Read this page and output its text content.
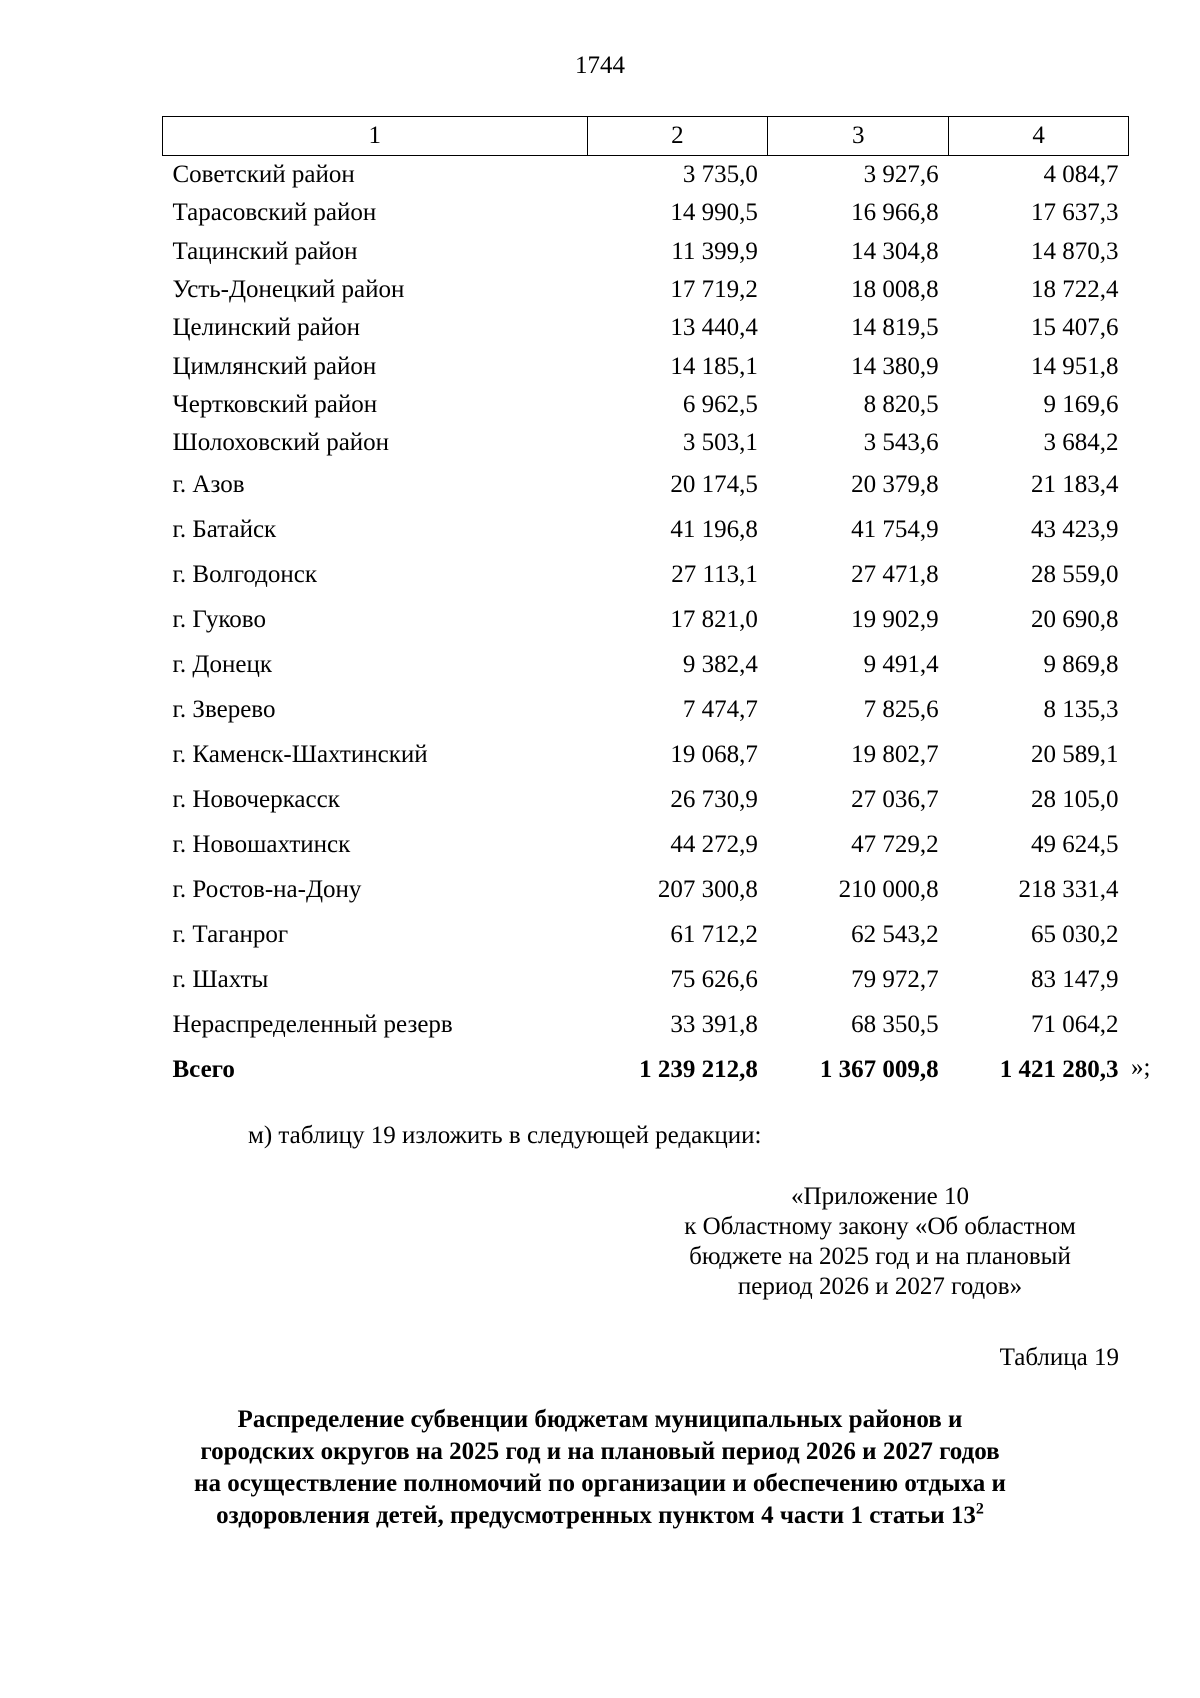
1744
1	2	3	4
Советский район	3 735,0	3 927,6	4 084,7
Тарасовский район	14 990,5	16 966,8	17 637,3
Тацинский район	11 399,9	14 304,8	14 870,3
Усть-Донецкий район	17 719,2	18 008,8	18 722,4
Целинский район	13 440,4	14 819,5	15 407,6
Цимлянский район	14 185,1	14 380,9	14 951,8
Чертковский район	6 962,5	8 820,5	9 169,6
Шолоховский район	3 503,1	3 543,6	3 684,2
г. Азов	20 174,5	20 379,8	21 183,4
г. Батайск	41 196,8	41 754,9	43 423,9
г. Волгодонск	27 113,1	27 471,8	28 559,0
г. Гуково	17 821,0	19 902,9	20 690,8
г. Донецк	9 382,4	9 491,4	9 869,8
г. Зверево	7 474,7	7 825,6	8 135,3
г. Каменск-Шахтинский	19 068,7	19 802,7	20 589,1
г. Новочеркасск	26 730,9	27 036,7	28 105,0
г. Новошахтинск	44 272,9	47 729,2	49 624,5
г. Ростов-на-Дону	207 300,8	210 000,8	218 331,4
г. Таганрог	61 712,2	62 543,2	65 030,2
г. Шахты	75 626,6	79 972,7	83 147,9
Нераспределенный резерв	33 391,8	68 350,5	71 064,2
Всего	1 239 212,8	1 367 009,8	1 421 280,3 »;
м) таблицу 19 изложить в следующей редакции:
«Приложение 10
к Областному закону «Об областном
бюджете на 2025 год и на плановый
период 2026 и 2027 годов»
Таблица 19
Распределение субвенции бюджетам муниципальных районов и
городских округов на 2025 год и на плановый период 2026 и 2027 годов
на осуществление полномочий по организации и обеспечению отдыха и
оздоровления детей, предусмотренных пунктом 4 части 1 статьи $13^2$
